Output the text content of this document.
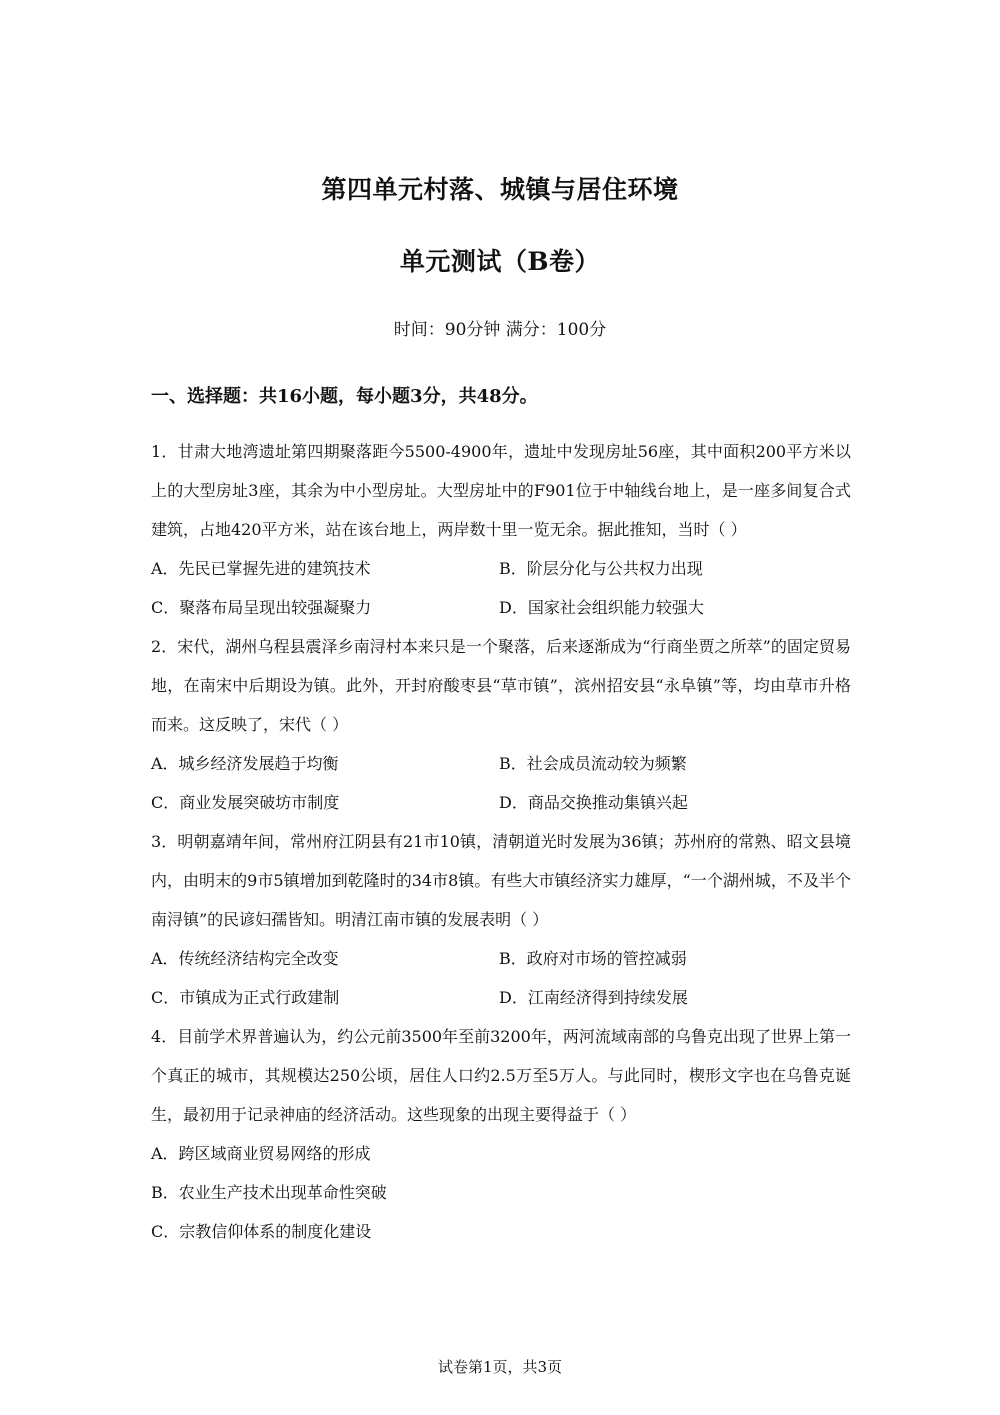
第四单元村落、城镇与居住环境
单元测试（B卷）
时间：90分钟 满分：100分
一、选择题：共16小题，每小题3分，共48分。

1．甘肃大地湾遗址第四期聚落距今5500-4900年，遗址中发现房址56座，其中面积200平方米以上的大型房址3座，其余为中小型房址。大型房址中的F901位于中轴线台地上，是一座多间复合式建筑，占地420平方米，站在该台地上，两岸数十里一览无余。据此推知，当时（ ）

A．先民已掌握先进的建筑技术	B．阶层分化与公共权力出现
C．聚落布局呈现出较强凝聚力	D．国家社会组织能力较强大

2．宋代，湖州乌程县震泽乡南浔村本来只是一个聚落，后来逐渐成为“行商坐贾之所萃”的固定贸易地，在南宋中后期设为镇。此外，开封府酸枣县“草市镇”，滨州招安县“永阜镇”等，均由草市升格而来。这反映了，宋代（ ）

A．城乡经济发展趋于均衡	B．社会成员流动较为频繁
C．商业发展突破坊市制度	D．商品交换推动集镇兴起

3．明朝嘉靖年间，常州府江阴县有21市10镇，清朝道光时发展为36镇；苏州府的常熟、昭文县境内，由明末的9市5镇增加到乾隆时的34市8镇。有些大市镇经济实力雄厚，“一个湖州城，不及半个南浔镇”的民谚妇孺皆知。明清江南市镇的发展表明（ ）

A．传统经济结构完全改变	B．政府对市场的管控减弱
C．市镇成为正式行政建制	D．江南经济得到持续发展

4．目前学术界普遍认为，约公元前3500年至前3200年，两河流域南部的乌鲁克出现了世界上第一个真正的城市，其规模达250公顷，居住人口约2.5万至5万人。与此同时，楔形文字也在乌鲁克诞生，最初用于记录神庙的经济活动。这些现象的出现主要得益于（ ）

A．跨区域商业贸易网络的形成
B．农业生产技术出现革命性突破
C．宗教信仰体系的制度化建设
试卷第1页，共3页
